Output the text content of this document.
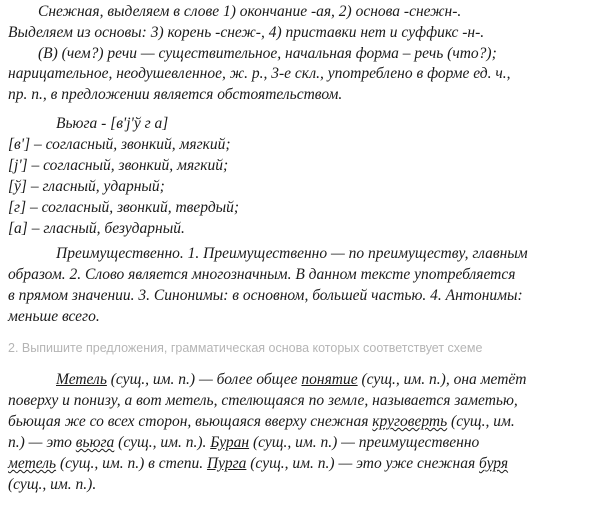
Снежная, выделяем в слове 1) окончание -ая, 2) основа -снежн-.
Выделяем из основы: 3) корень -снеж-, 4) приставки нет и суффикс -н-.
(В) (чем?) речи — существительное, начальная форма – речь (что?);
нарицательное, неодушевленное, ж. р., 3-е скл., употреблено в форме ед. ч.,
пр. п., в предложении является обстоятельством.
Вьюга - [в'j'ў г а]
[в'] – согласный, звонкий, мягкий;
[j'] – согласный, звонкий, мягкий;
[ў] – гласный, ударный;
[г] – согласный, звонкий, твердый;
[а] – гласный, безударный.
Преимущественно. 1. Преимущественно — по преимуществу, главным
образом. 2. Слово является многозначным. В данном тексте употребляется
в прямом значении. 3. Синонимы: в основном, большей частью. 4. Антонимы:
меньше всего.
2. Выпишите предложения, грамматическая основа которых соответствует схеме
Метель (сущ., им. п.) — более общее понятие (сущ., им. п.), она метёт
поверху и понизу, а вот метель, стелющаяся по земле, называется заметью,
бьющая же со всех сторон, вьющаяся вверху снежная круговерть (сущ., им.
п.) — это вьюга (сущ., им. п.). Буран (сущ., им. п.) — преимущественно
метель (сущ., им. п.) в степи. Пурга (сущ., им. п.) — это уже снежная буря
(сущ., им. п.).
